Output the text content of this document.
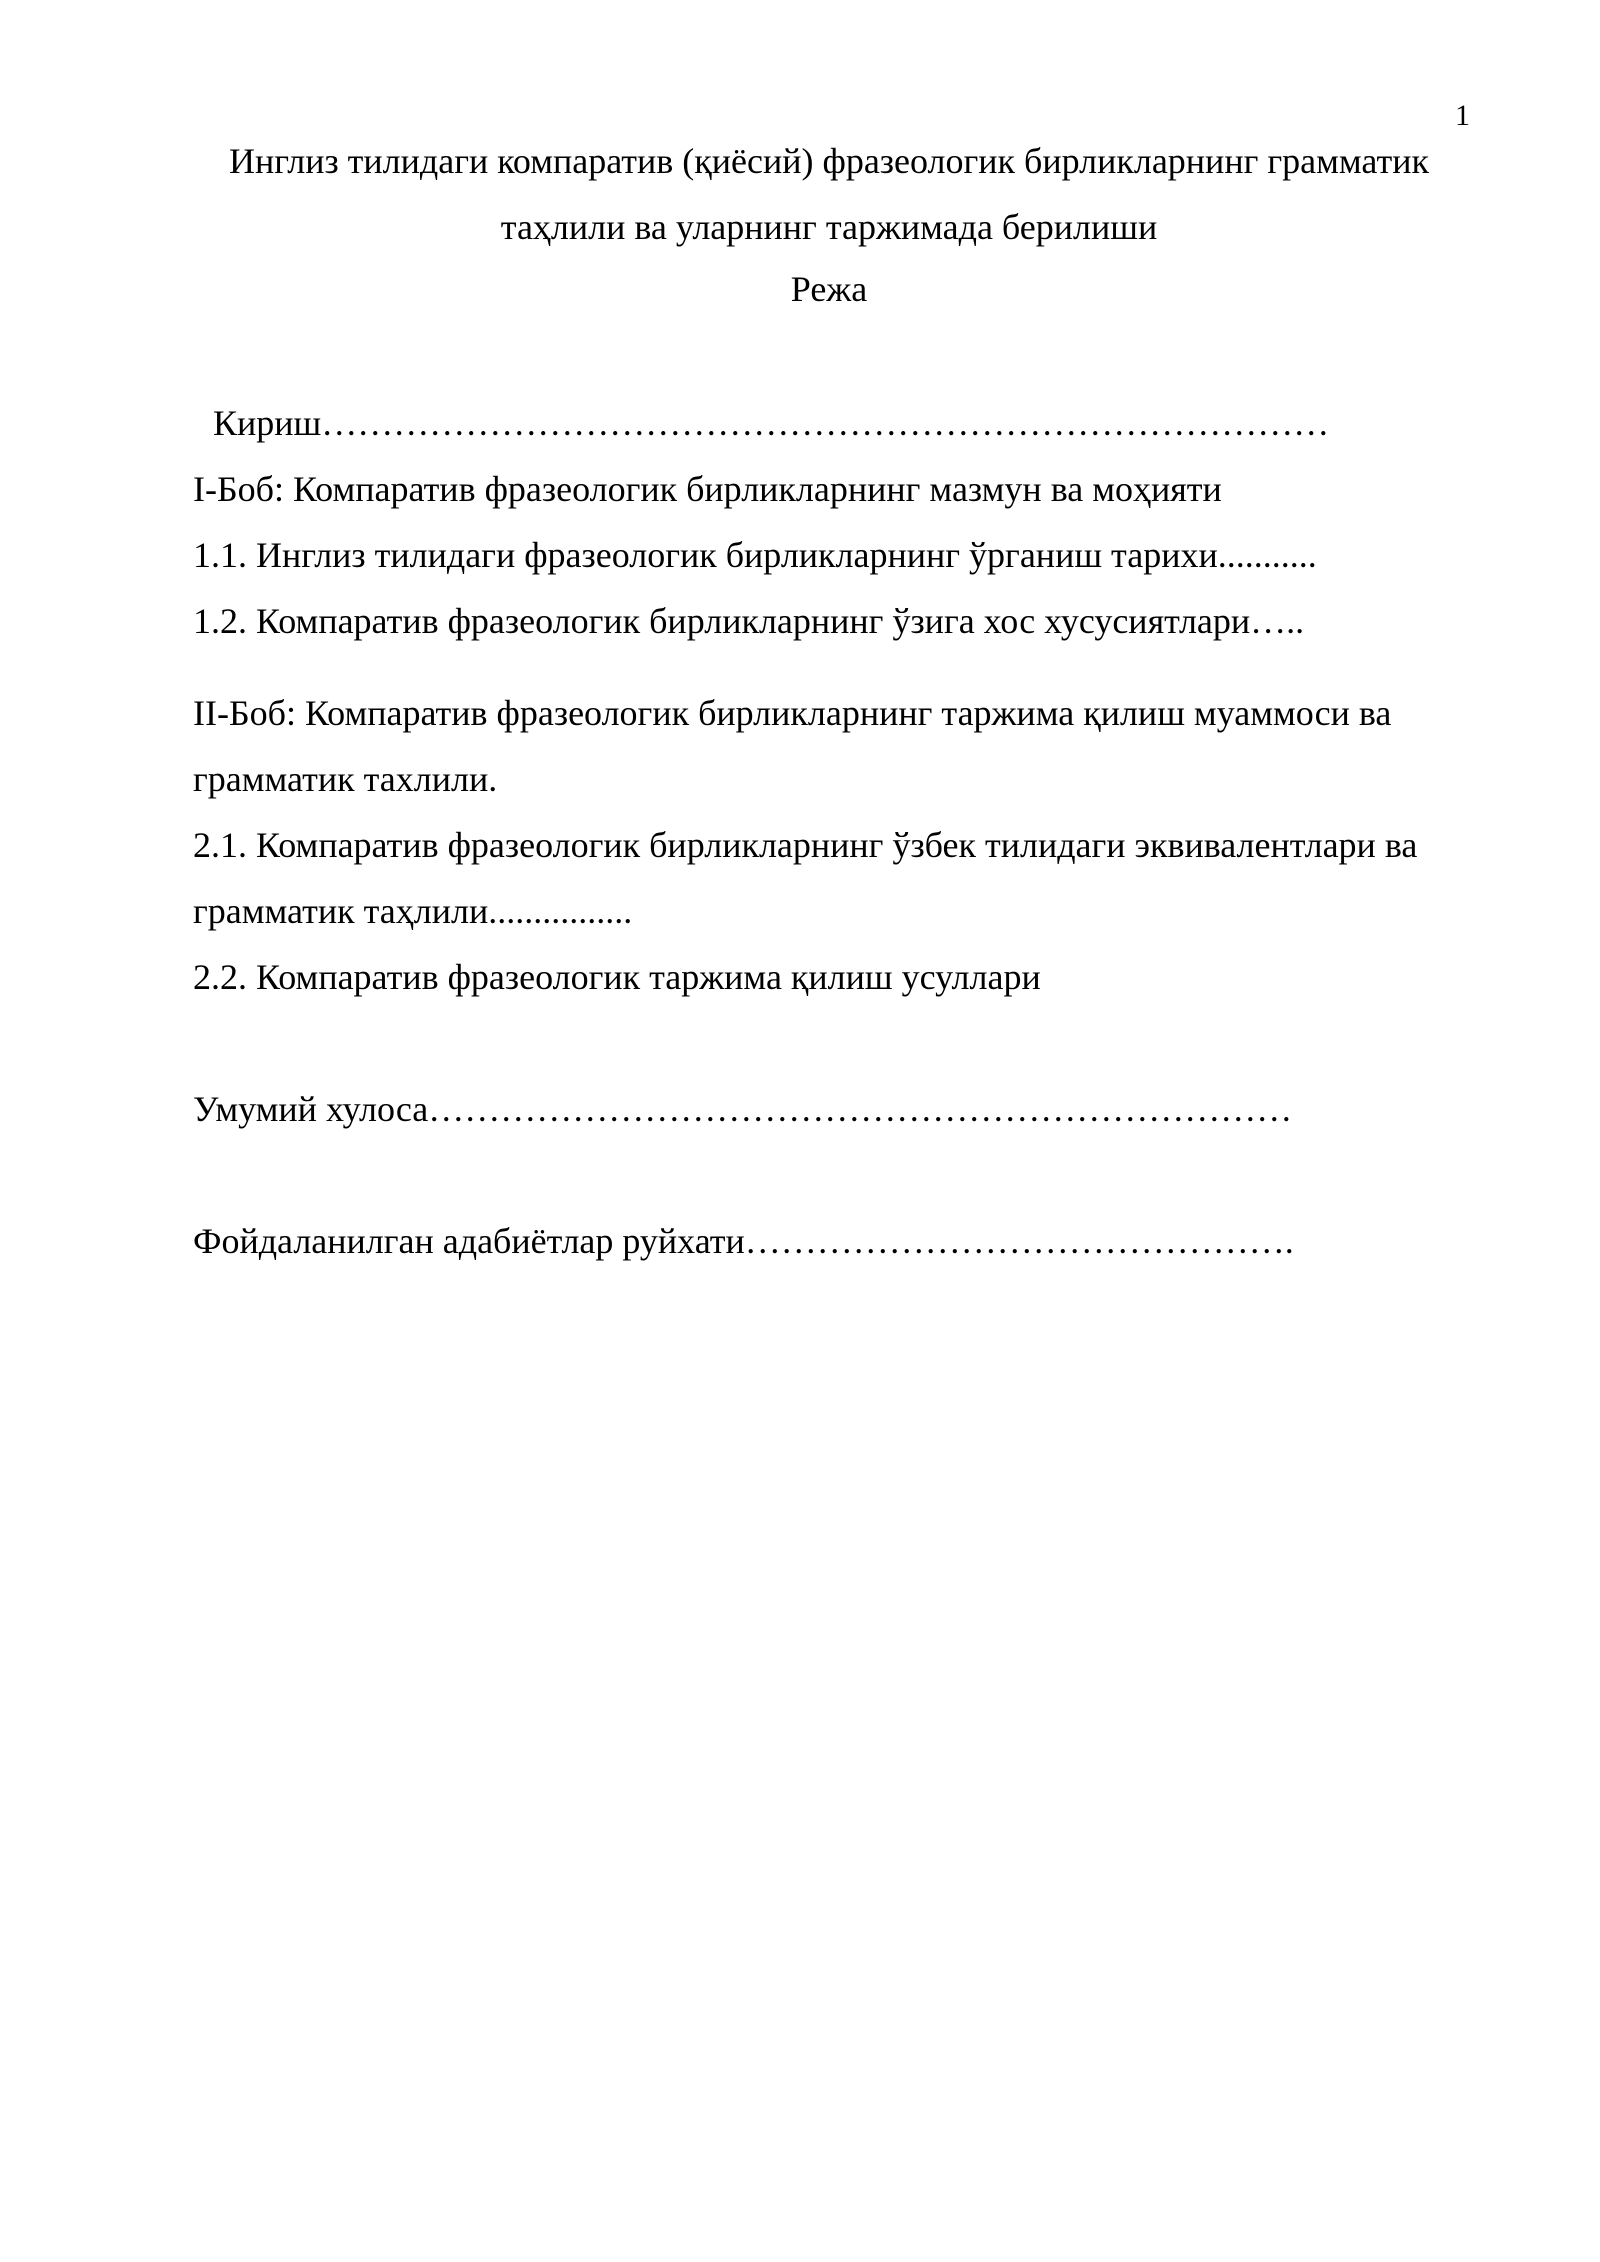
1
Инглиз тилидаги компаратив (қиёсий) фразеологик бирликларнинг грамматик
таҳлили ва уларнинг таржимада берилиши
Режа
Кириш…………………………………………………………………………
I-Боб: Компаратив фразеологик бирликларнинг мазмун ва моҳияти
1.1. Инглиз тилидаги фразеологик бирликларнинг ўрганиш тарихи...........
1.2. Компаратив фразеологик бирликларнинг ўзига хос хусусиятлари…..
II-Боб: Компаратив фразеологик бирликларнинг таржима қилиш муаммоси ва
грамматик тахлили.
2.1. Компаратив фразеологик бирликларнинг ўзбек тилидаги эквивалентлари ва
грамматик таҳлили................
2.2. Компаратив фразеологик таржима қилиш усуллари
Умумий хулоса………………………………………………………………
Фойдаланилган адабиётлар руйхати……………………………………….
